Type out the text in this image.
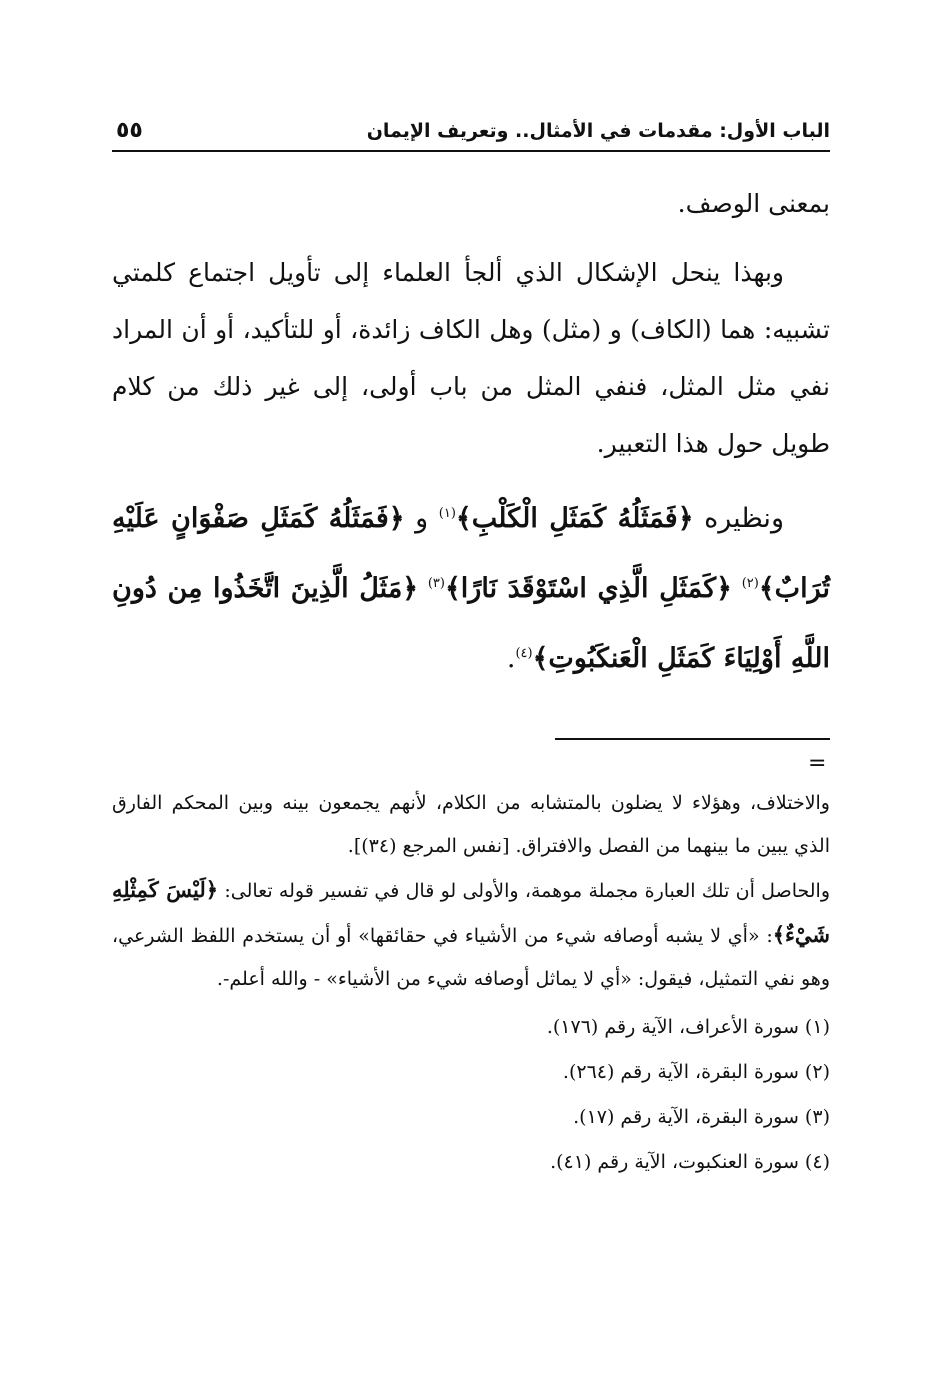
٥٥	الباب الأول: مقدمات في الأمثال.. وتعريف الإيمان

بمعنى الوصف.

وبهذا ينحل الإشكال الذي ألجأ العلماء إلى تأويل اجتماع كلمتي تشبيه: هما (الكاف) و (مثل) وهل الكاف زائدة، أو للتأكيد، أو أن المراد نفي مثل المثل، فنفي المثل من باب أولى، إلى غير ذلك من كلام طويل حول هذا التعبير.

ونظيره ﴿فَمَثَلُهُ كَمَثَلِ الْكَلْبِ﴾$^{(١)}$ و ﴿فَمَثَلُهُ كَمَثَلِ صَفْوَانٍ عَلَيْهِ تُرَابٌ﴾$^{(٢)}$ ﴿كَمَثَلِ الَّذِي اسْتَوْقَدَ نَارًا﴾$^{(٣)}$ ﴿مَثَلُ الَّذِينَ اتَّخَذُوا مِن دُونِ اللَّهِ أَوْلِيَاءَ كَمَثَلِ الْعَنكَبُوتِ﴾$^{(٤)}$.

=

والاختلاف، وهؤلاء لا يضلون بالمتشابه من الكلام، لأنهم يجمعون بينه وبين المحكم الفارق الذي يبين ما بينهما من الفصل والافتراق. [نفس المرجع (٣٤)].

والحاصل أن تلك العبارة مجملة موهمة، والأولى لو قال في تفسير قوله تعالى: ﴿لَيْسَ كَمِثْلِهِ شَيْءٌ﴾: «أي لا يشبه أوصافه شيء من الأشياء في حقائقها» أو أن يستخدم اللفظ الشرعي، وهو نفي التمثيل، فيقول: «أي لا يماثل أوصافه شيء من الأشياء» - والله أعلم-.

(١) سورة الأعراف، الآية رقم (١٧٦).

(٢) سورة البقرة، الآية رقم (٢٦٤).

(٣) سورة البقرة، الآية رقم (١٧).

(٤) سورة العنكبوت، الآية رقم (٤١).
